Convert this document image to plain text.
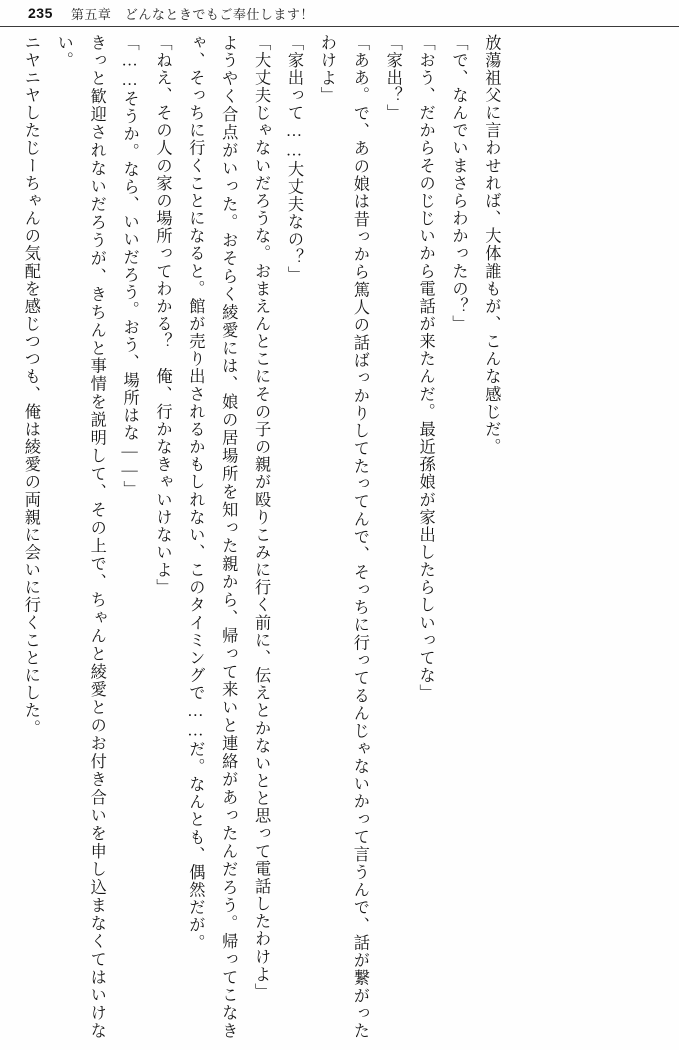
235 第五章　どんなときでもご奉仕します！

放蕩祖父に言わせれば、大体誰もが、こんな感じだ。

「で、なんでいまさらわかったの？」

「おう、だからそのじじいから電話が来たんだ。最近孫娘が家出したらしいってな」

「家出？」

「ああ。で、あの娘は昔っから篤人の話ばっかりしてたってんで、そっちに行ってるんじゃないかって言うんで、話が繋がったわけよ」

「家出って……大丈夫なの？」

「大丈夫じゃないだろうな。おまえんとこにその子の親が殴りこみに行く前に、伝えとかないとと思って電話したわけよ」

ようやく合点がいった。おそらく綾愛には、娘の居場所を知った親から、帰って来いと連絡があったんだろう。帰ってこなきゃ、そっちに行くことになると。館が売り出されるかもしれない、このタイミングで……だ。なんとも、偶然だが。

「ねえ、その人の家の場所ってわかる？　俺、行かなきゃいけないよ」

「……そうか。なら、いいだろう。おう、場所はな――」

きっと歓迎されないだろうが、きちんと事情を説明して、その上で、ちゃんと綾愛とのお付き合いを申し込まなくてはいけない。

ニヤニヤしたじーちゃんの気配を感じつつも、俺は綾愛の両親に会いに行くことにした。
